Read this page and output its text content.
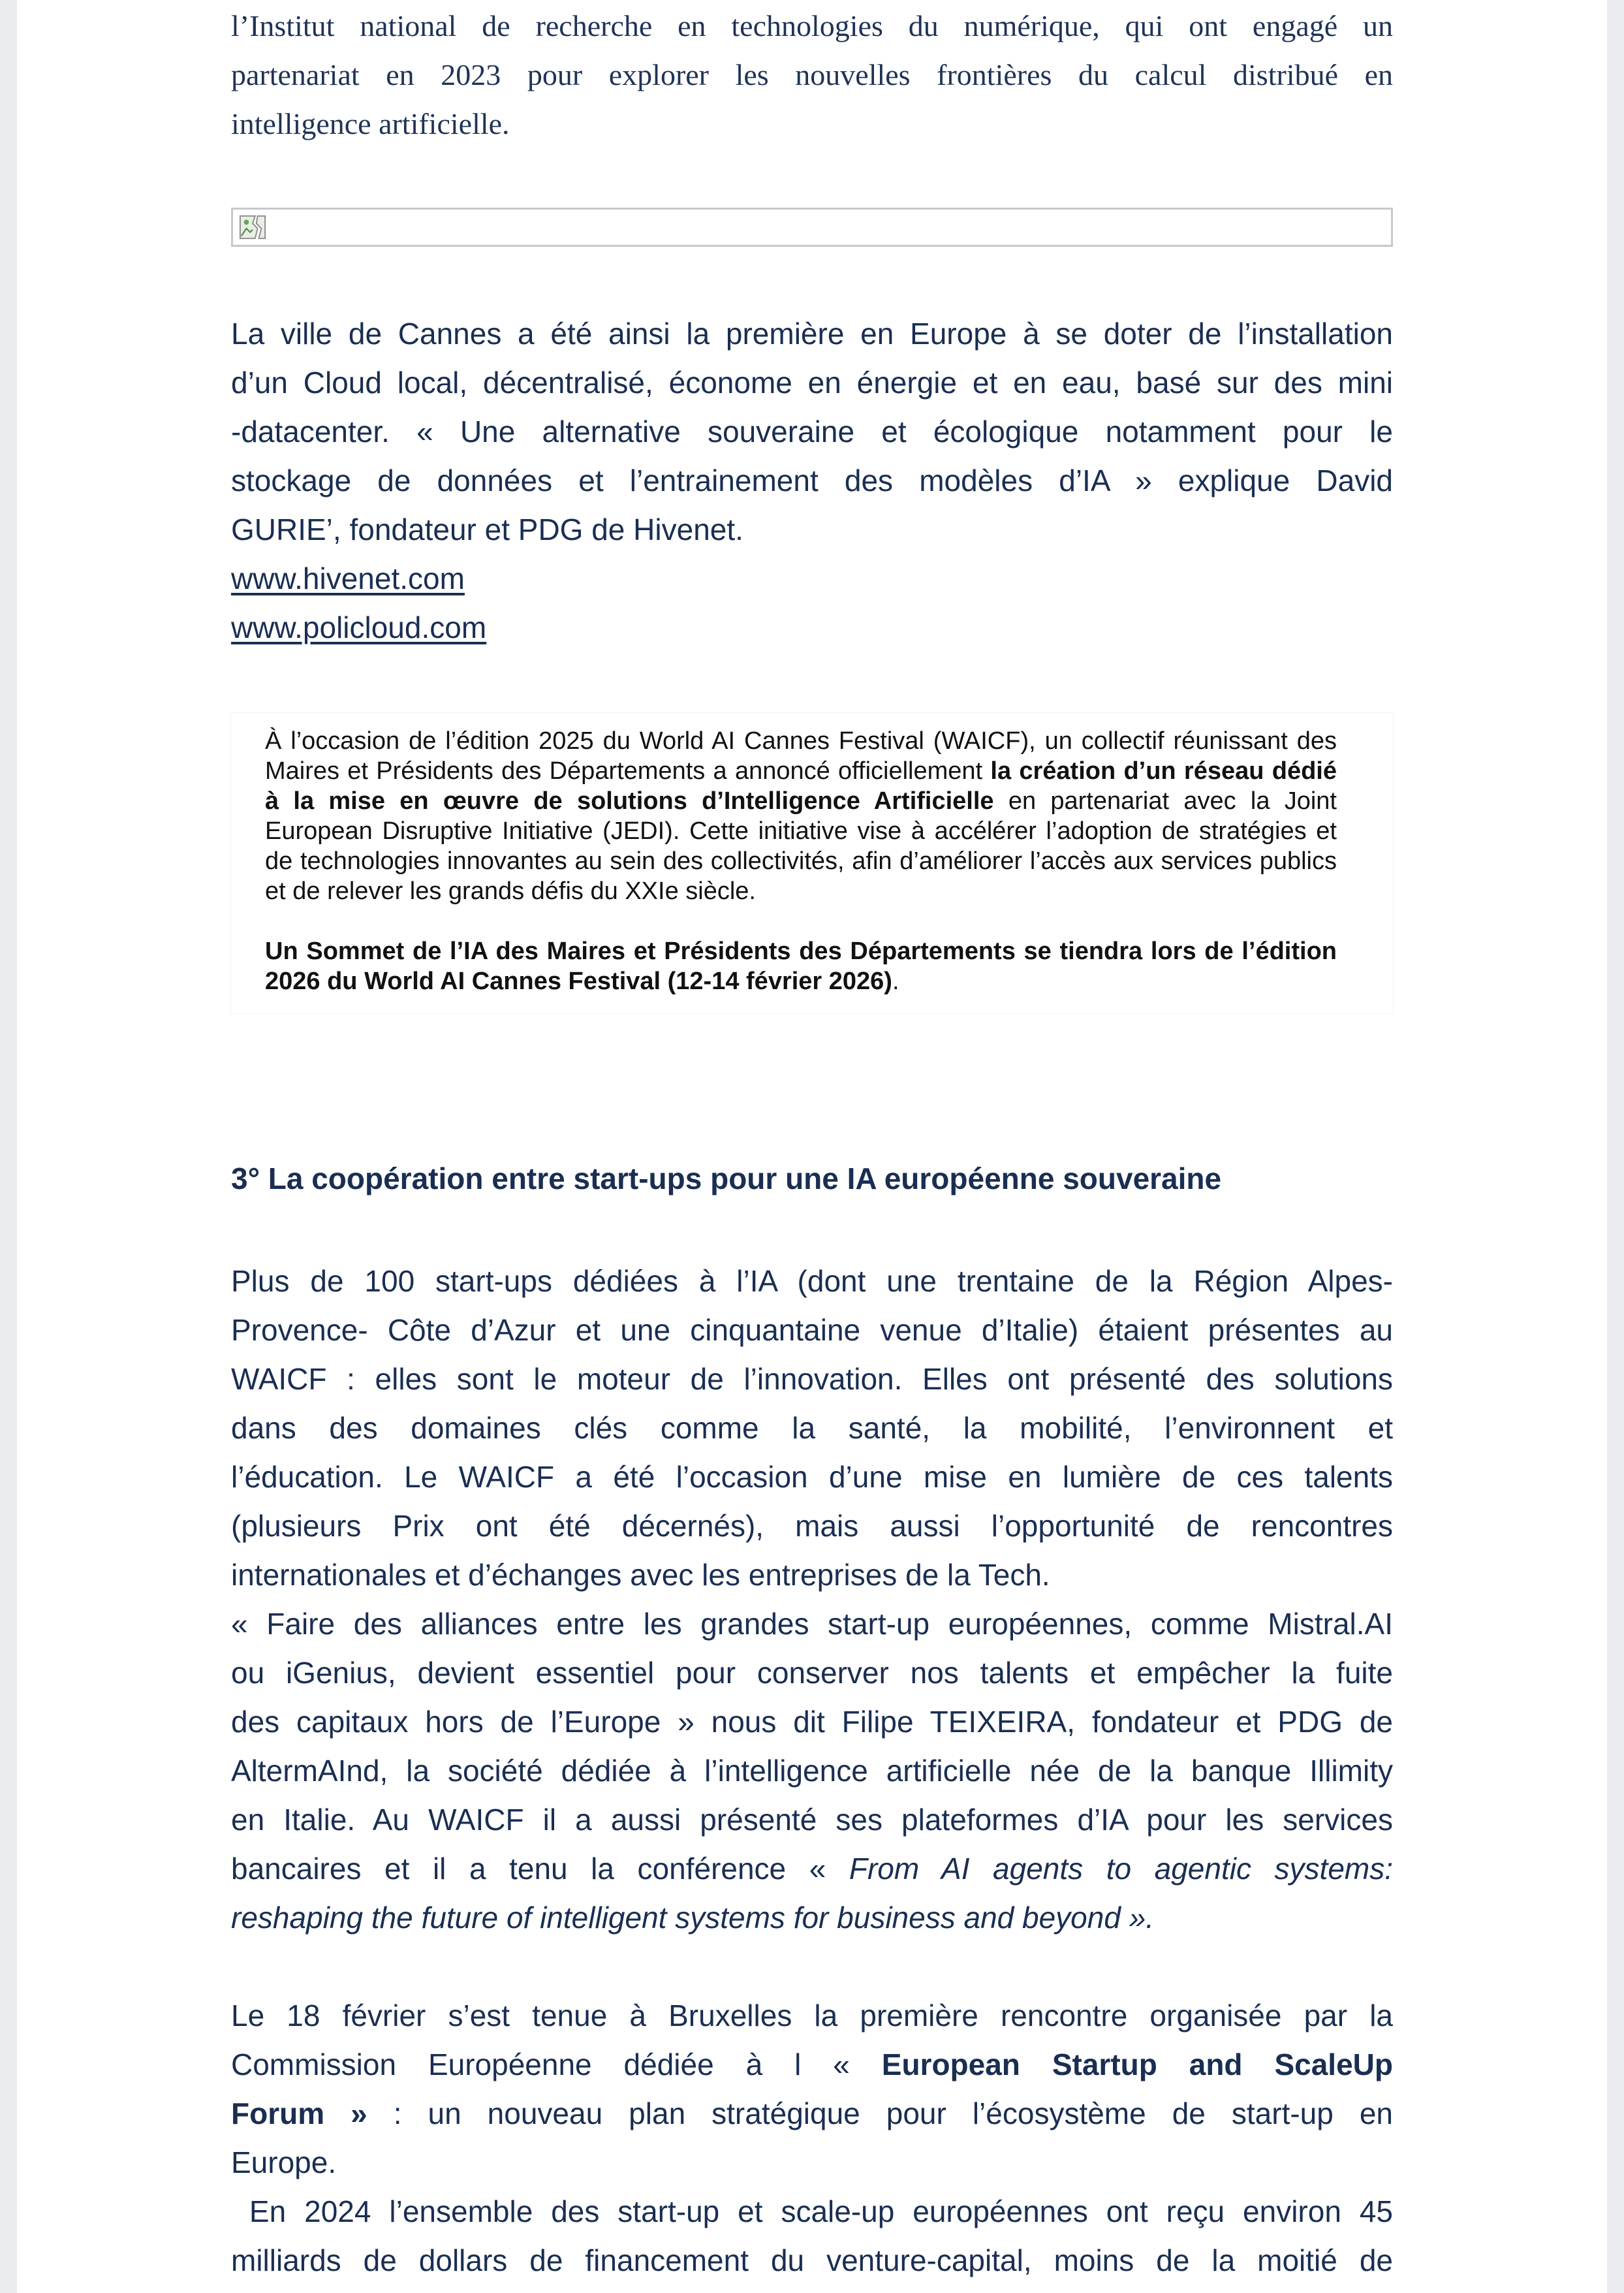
l’Institut national de recherche en technologies du numérique, qui ont engagé un

partenariat en 2023 pour explorer les nouvelles frontières du calcul distribué en

intelligence artificielle.

La ville de Cannes a été ainsi la première en Europe à se doter de l’installation

d’un Cloud local, décentralisé, économe en énergie et en eau, basé sur des mini

-datacenter. « Une alternative souveraine et écologique notamment pour le

stockage de données et l’entrainement des modèles d’IA » explique David

GURIE’, fondateur et PDG de Hivenet.

www.hivenet.com

www.policloud.com

À l’occasion de l’édition 2025 du World AI Cannes Festival (WAICF), un collectif réunissant des Maires et Présidents des Départements a annoncé officiellement la création d’un réseau dédié à la mise en œuvre de solutions d’Intelligence Artificielle en partenariat avec la Joint European Disruptive Initiative (JEDI). Cette initiative vise à accélérer l’adoption de stratégies et de technologies innovantes au sein des collectivités, afin d’améliorer l’accès aux services publics et de relever les grands défis du XXIe siècle.

Un Sommet de l’IA des Maires et Présidents des Départements se tiendra lors de l’édition 2026 du World AI Cannes Festival (12-14 février 2026).

3° La coopération entre start-ups pour une IA européenne souveraine

Plus de 100 start-ups dédiées à l’IA (dont une trentaine de la Région Alpes-

Provence- Côte d’Azur et une cinquantaine venue d’Italie) étaient présentes au

WAICF : elles sont le moteur de l’innovation. Elles ont présenté des solutions

dans des domaines clés comme la santé, la mobilité, l’environnent et

l’éducation. Le WAICF a été l’occasion d’une mise en lumière de ces talents

(plusieurs Prix ont été décernés), mais aussi l’opportunité de rencontres

internationales et d’échanges avec les entreprises de la Tech.

« Faire des alliances entre les grandes start-up européennes, comme Mistral.AI

ou iGenius, devient essentiel pour conserver nos talents et empêcher la fuite

des capitaux hors de l’Europe » nous dit Filipe TEIXEIRA, fondateur et PDG de

AltermAInd, la société dédiée à l’intelligence artificielle née de la banque Illimity

en Italie. Au WAICF il a aussi présenté ses plateformes d’IA pour les services

bancaires et il a tenu la conférence « From AI agents to agentic systems:

reshaping the future of intelligent systems for business and beyond ».

Le 18 février s’est tenue à Bruxelles la première rencontre organisée par la

Commission Européenne dédiée à l « European Startup and ScaleUp

Forum » : un nouveau plan stratégique pour l’écosystème de start-up en

Europe.

En 2024 l’ensemble des start-up et scale-up européennes ont reçu environ 45

milliards de dollars de financement du venture-capital, moins de la moitié de
